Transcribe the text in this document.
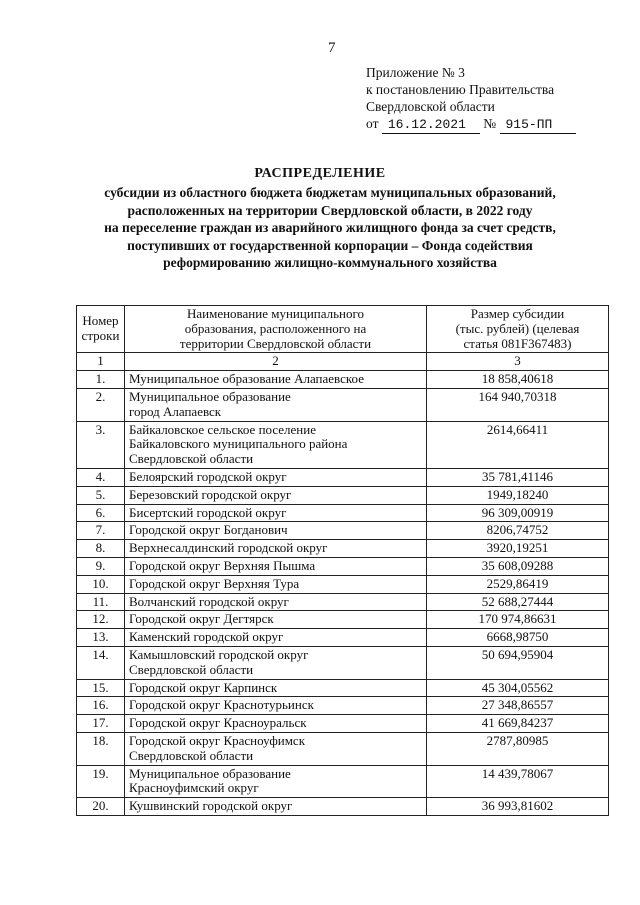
7
Приложение № 3
к постановлению Правительства
Свердловской области
от 16.12.2021 № 915-ПП
РАСПРЕДЕЛЕНИЕ
субсидии из областного бюджета бюджетам муниципальных образований,
расположенных на территории Свердловской области, в 2022 году
на переселение граждан из аварийного жилищного фонда за счет средств,
поступивших от государственной корпорации – Фонда содействия
реформированию жилищно-коммунального хозяйства
Номер
строки	Наименование муниципального
образования, расположенного на
территории Свердловской области	Размер субсидии
(тыс. рублей) (целевая
статья 081F367483)
1	2	3
1.	Муниципальное образование Алапаевское	18 858,40618
2.	Муниципальное образование
город Алапаевск	164 940,70318
3.	Байкаловское сельское поселение
Байкаловского муниципального района
Свердловской области	2614,66411
4.	Белоярский городской округ	35 781,41146
5.	Березовский городской округ	1949,18240
6.	Бисертский городской округ	96 309,00919
7.	Городской округ Богданович	8206,74752
8.	Верхнесалдинский городской округ	3920,19251
9.	Городской округ Верхняя Пышма	35 608,09288
10.	Городской округ Верхняя Тура	2529,86419
11.	Волчанский городской округ	52 688,27444
12.	Городской округ Дегтярск	170 974,86631
13.	Каменский городской округ	6668,98750
14.	Камышловский городской округ
Свердловской области	50 694,95904
15.	Городской округ Карпинск	45 304,05562
16.	Городской округ Краснотурьинск	27 348,86557
17.	Городской округ Красноуральск	41 669,84237
18.	Городской округ Красноуфимск
Свердловской области	2787,80985
19.	Муниципальное образование
Красноуфимский округ	14 439,78067
20.	Кушвинский городской округ	36 993,81602
